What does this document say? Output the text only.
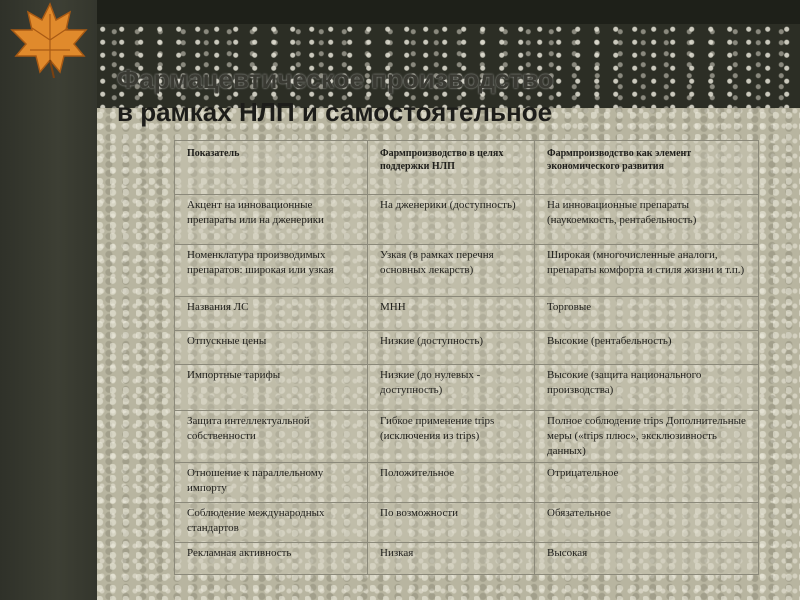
Фармацевтическое производство
в рамках НЛП и самостоятельное
Показатель	Фармпроизводство в целях поддержки НЛП	Фармпроизводство как элемент экономического развития
Акцент на инновационные препараты или на дженерики	На дженерики (доступность)	На инновационные препараты (наукоемкость, рентабельность)
Номенклатура производимых препаратов: широкая или узкая	Узкая (в рамках перечня основных лекарств)	Широкая (многочисленные аналоги, препараты комфорта и стиля жизни и т.п.)
Названия ЛС	МНН	Торговые
Отпускные цены	Низкие (доступность)	Высокие (рентабельность)
Импортные тарифы	Низкие (до нулевых - доступность)	Высокие (защита национального производства)
Защита интеллектуальной собственности	Гибкое применение trips (исключения из trips)	Полное соблюдение trips Дополнительные меры («trips плюс», эксклюзивность данных)
Отношение к параллельному импорту	Положительное	Отрицательное
Соблюдение международных стандартов	По возможности	Обязательное
Рекламная активность	Низкая	Высокая
